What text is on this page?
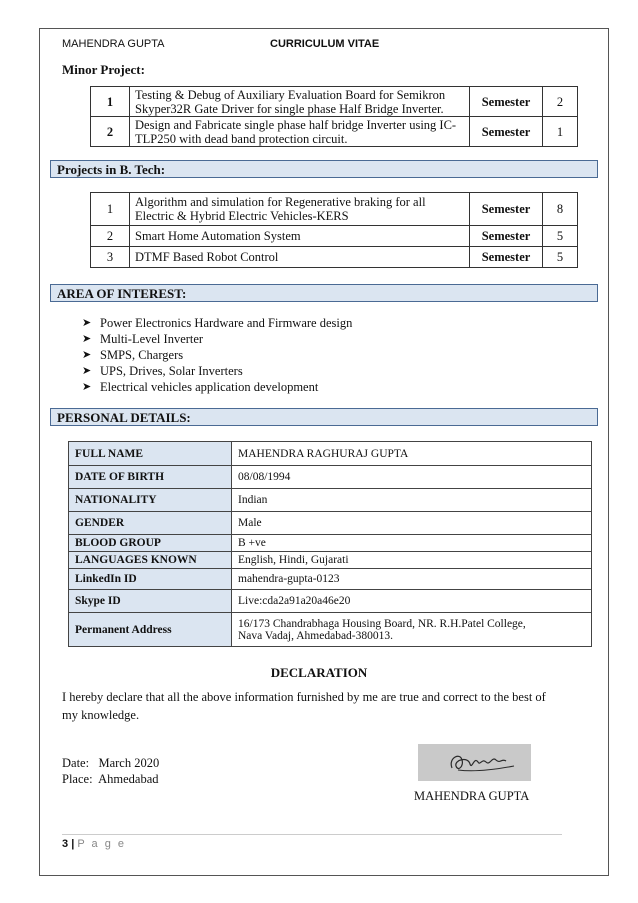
MAHENDRA GUPTA	CURRICULUM VITAE
Minor Project:
1	Testing & Debug of Auxiliary Evaluation Board for Semikron
Skyper32R Gate Driver for single phase Half Bridge Inverter.	Semester	2
2	Design and Fabricate single phase half bridge Inverter using IC-
TLP250 with dead band protection circuit.	Semester	1
Projects in B. Tech:
1	Algorithm and simulation for Regenerative braking for all
Electric & Hybrid Electric Vehicles-KERS	Semester	8
2	Smart Home Automation System	Semester	5
3	DTMF Based Robot Control	Semester	5
AREA OF INTEREST:
➤ Power Electronics Hardware and Firmware design
➤ Multi-Level Inverter
➤ SMPS, Chargers
➤ UPS, Drives, Solar Inverters
➤ Electrical vehicles application development
PERSONAL DETAILS:
FULL NAME	MAHENDRA RAGHURAJ GUPTA
DATE OF BIRTH	08/08/1994
NATIONALITY	Indian
GENDER	Male
BLOOD GROUP	B +ve
LANGUAGES KNOWN	English, Hindi, Gujarati
LinkedIn ID	mahendra-gupta-0123
Skype ID	Live:cda2a91a20a46e20
Permanent Address	16/173 Chandrabhaga Housing Board, NR. R.H.Patel College,
Nava Vadaj, Ahmedabad-380013.
DECLARATION
I hereby declare that all the above information furnished by me are true and correct to the best of
my knowledge.
Date: March 2020
Place: Ahmedabad
MAHENDRA GUPTA
3 | P a g e
